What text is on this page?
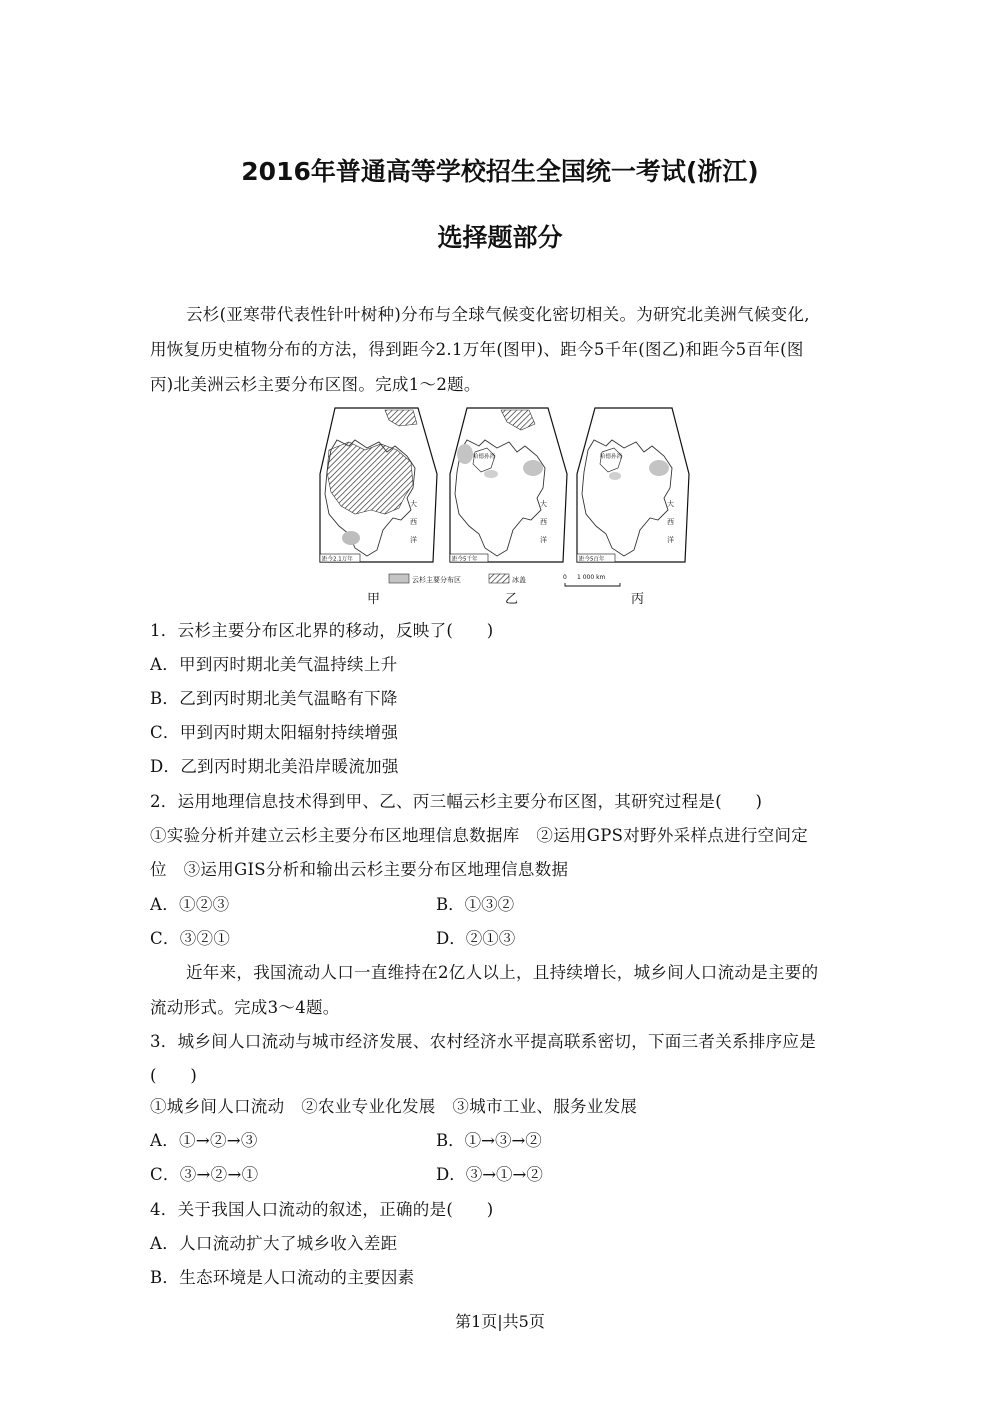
2016年普通高等学校招生全国统一考试(浙江)
选择题部分
云杉(亚寒带代表性针叶树种)分布与全球气候变化密切相关。为研究北美洲气候变化,
用恢复历史植物分布的方法，得到距今2.1万年(图甲)、距今5千年(图乙)和距今5百年(图
丙)北美洲云杉主要分布区图。完成1～2题。
大
西
洋
距今2.1万年
哈德孙湾
大
西
洋
距今5千年
哈德孙湾
大
西
洋
距今5百年
云杉主要分布区	冰盖	0 1 000 km
甲	乙	丙
1．云杉主要分布区北界的移动，反映了(　　)
A．甲到丙时期北美气温持续上升
B．乙到丙时期北美气温略有下降
C．甲到丙时期太阳辐射持续增强
D．乙到丙时期北美沿岸暖流加强
2．运用地理信息技术得到甲、乙、丙三幅云杉主要分布区图，其研究过程是(　　)
①实验分析并建立云杉主要分布区地理信息数据库　②运用GPS对野外采样点进行空间定
位　③运用GIS分析和输出云杉主要分布区地理信息数据
A．①②③	B．①③②
C．③②①	D．②①③
近年来，我国流动人口一直维持在2亿人以上，且持续增长，城乡间人口流动是主要的
流动形式。完成3～4题。
3．城乡间人口流动与城市经济发展、农村经济水平提高联系密切，下面三者关系排序应是
(　　)
①城乡间人口流动　②农业专业化发展　③城市工业、服务业发展
A．①→②→③	B．①→③→②
C．③→②→①	D．③→①→②
4．关于我国人口流动的叙述，正确的是(　　)
A．人口流动扩大了城乡收入差距
B．生态环境是人口流动的主要因素
第1页|共5页
